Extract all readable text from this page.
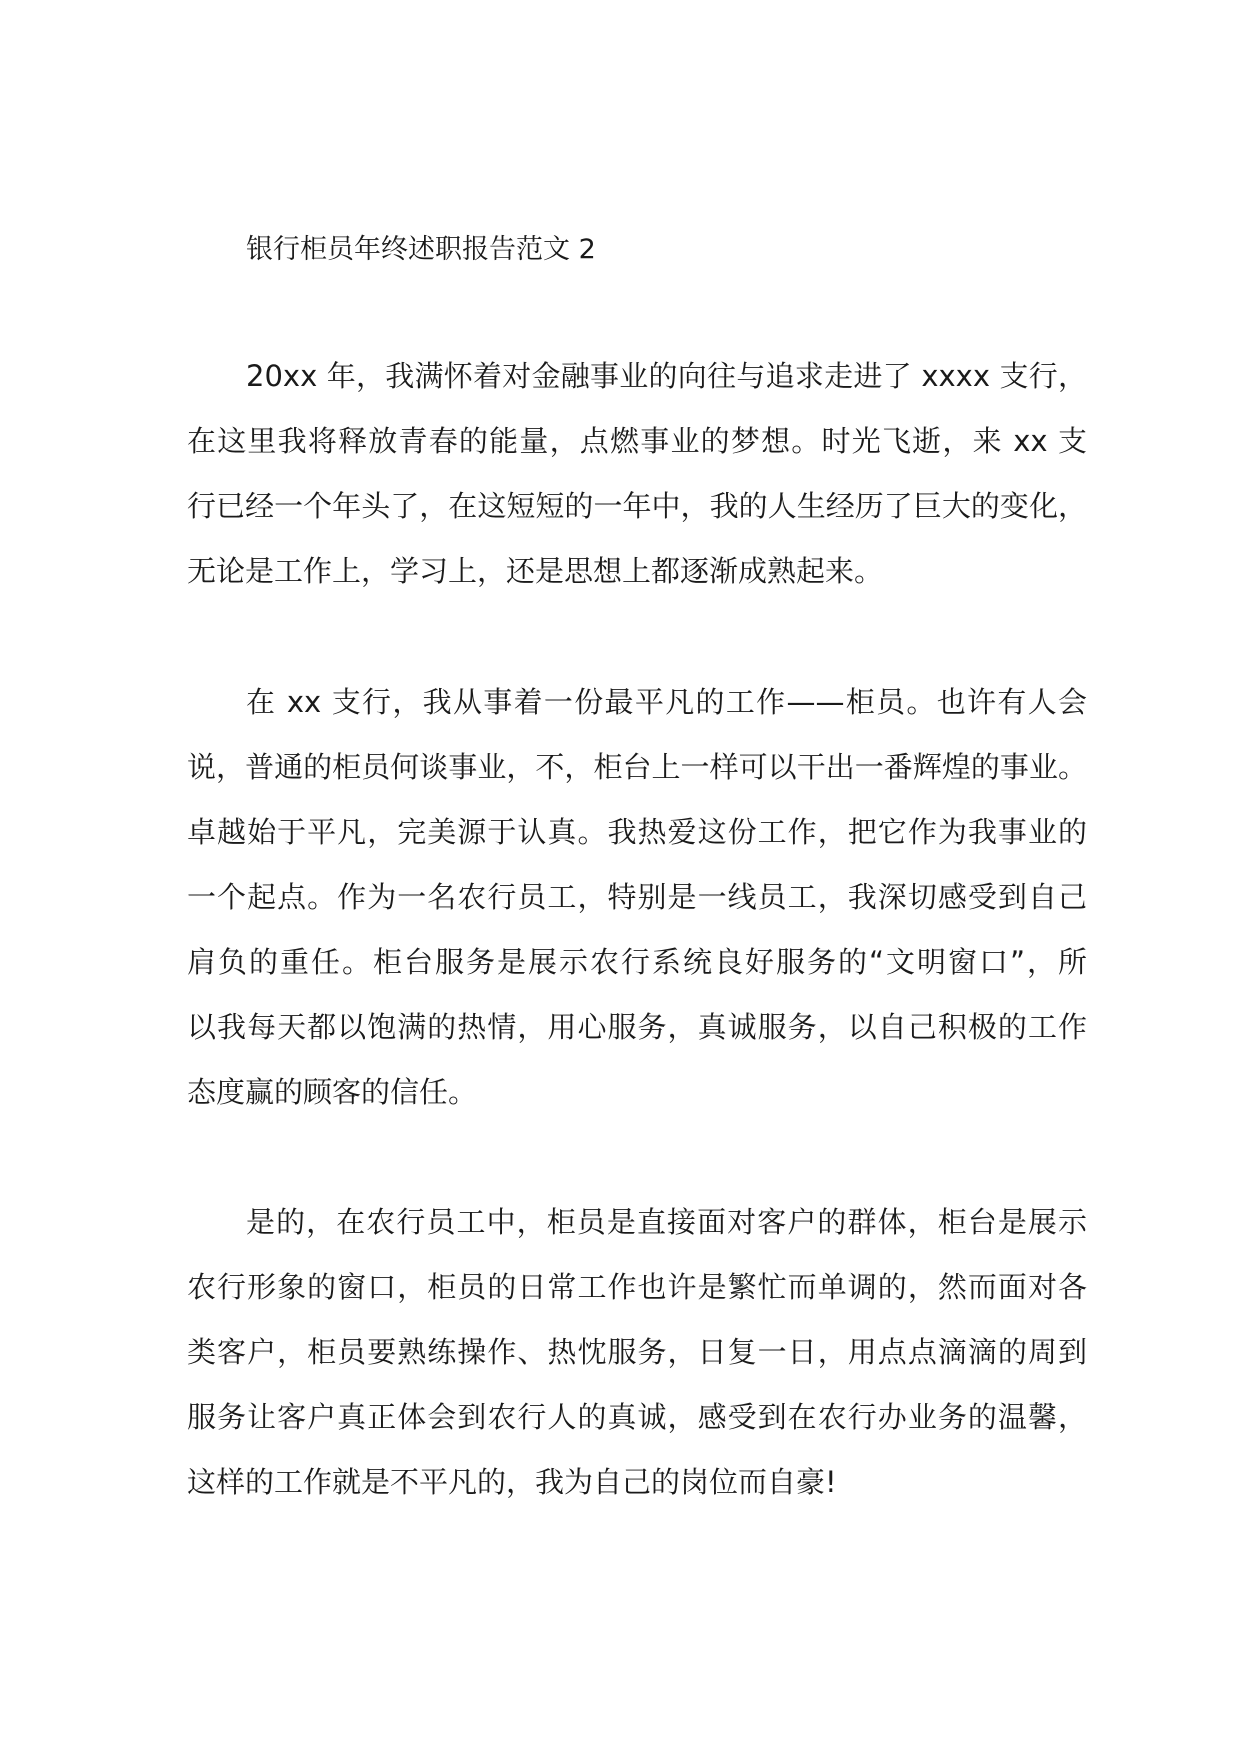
银行柜员年终述职报告范文 2
20xx 年，我满怀着对金融事业的向往与追求走进了 xxxx 支行，
在这里我将释放青春的能量，点燃事业的梦想。时光飞逝，来 xx 支
行已经一个年头了，在这短短的一年中，我的人生经历了巨大的变化，
无论是工作上，学习上，还是思想上都逐渐成熟起来。
在 xx 支行，我从事着一份最平凡的工作——柜员。也许有人会
说，普通的柜员何谈事业，不，柜台上一样可以干出一番辉煌的事业。
卓越始于平凡，完美源于认真。我热爱这份工作，把它作为我事业的
一个起点。作为一名农行员工，特别是一线员工，我深切感受到自己
肩负的重任。柜台服务是展示农行系统良好服务的“文明窗口”，所
以我每天都以饱满的热情，用心服务，真诚服务，以自己积极的工作
态度赢的顾客的信任。
是的，在农行员工中，柜员是直接面对客户的群体，柜台是展示
农行形象的窗口，柜员的日常工作也许是繁忙而单调的，然而面对各
类客户，柜员要熟练操作、热忱服务，日复一日，用点点滴滴的周到
服务让客户真正体会到农行人的真诚，感受到在农行办业务的温馨，
这样的工作就是不平凡的，我为自己的岗位而自豪!
